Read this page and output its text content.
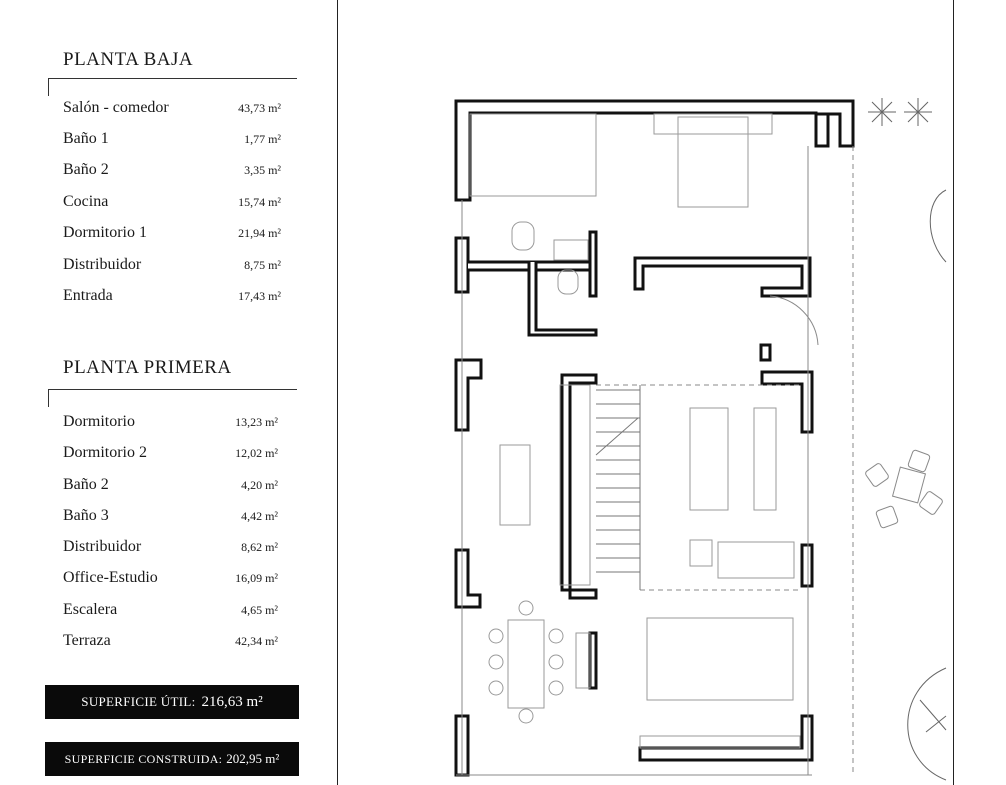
PLANTA BAJA
Salón - comedor	43,73 m²
Baño 1	1,77 m²
Baño 2	3,35 m²
Cocina	15,74 m²
Dormitorio 1	21,94 m²
Distribuidor	8,75 m²
Entrada	17,43 m²
PLANTA PRIMERA
Dormitorio	13,23 m²
Dormitorio 2	12,02 m²
Baño 2	4,20 m²
Baño 3	4,42 m²
Distribuidor	8,62 m²
Office-Estudio	16,09 m²
Escalera	4,65 m²
Terraza	42,34 m²
SUPERFICIE ÚTIL: 216,63 m²
SUPERFICIE CONSTRUIDA: 202,95 m²
